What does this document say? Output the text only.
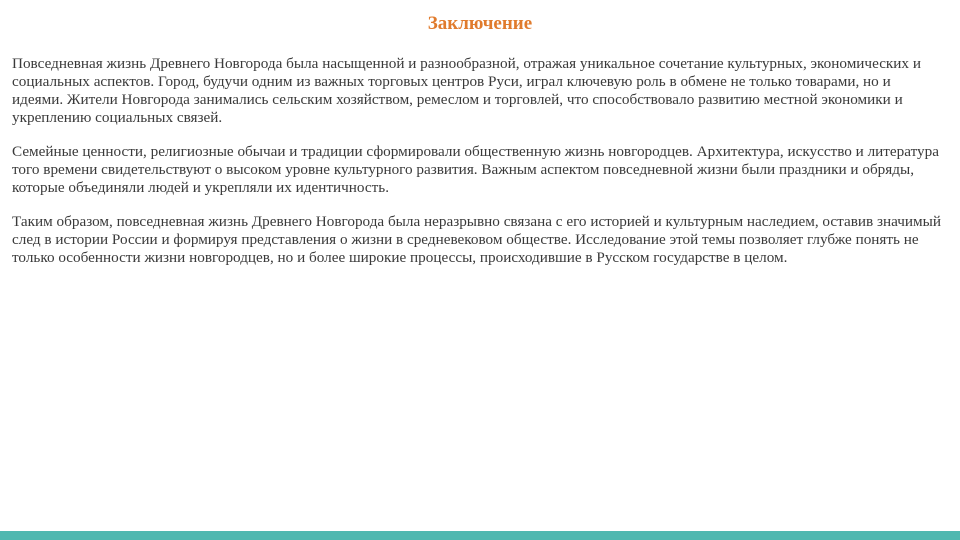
Заключение

Повседневная жизнь Древнего Новгорода была насыщенной и разнообразной, отражая уникальное сочетание культурных, экономических и социальных аспектов. Город, будучи одним из важных торговых центров Руси, играл ключевую роль в обмене не только товарами, но и идеями. Жители Новгорода занимались сельским хозяйством, ремеслом и торговлей, что способствовало развитию местной экономики и укреплению социальных связей.

Семейные ценности, религиозные обычаи и традиции сформировали общественную жизнь новгородцев. Архитектура, искусство и литература того времени свидетельствуют о высоком уровне культурного развития. Важным аспектом повседневной жизни были праздники и обряды, которые объединяли людей и укрепляли их идентичность.

Таким образом, повседневная жизнь Древнего Новгорода была неразрывно связана с его историей и культурным наследием, оставив значимый след в истории России и формируя представления о жизни в средневековом обществе. Исследование этой темы позволяет глубже понять не только особенности жизни новгородцев, но и более широкие процессы, происходившие в Русском государстве в целом.
